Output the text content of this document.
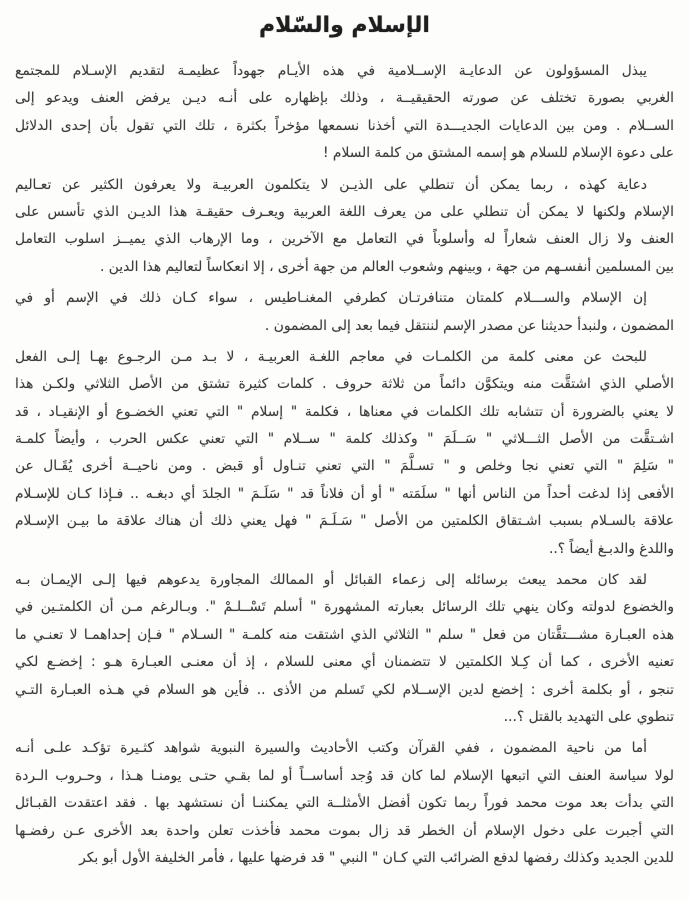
الإسلام والسّلام
يبذل المسؤولون عن الدعايـة الإســلامية في هذه الأيـام جهوداً عظيمـة لتقديم الإسـلام للمجتمع
الغربي بصورة تختلف عن صورته الحقيقيــة ، وذلك بإظهاره على أنـه ديـن يرفض العنف ويدعو إلى
الســلام . ومن بين الدعايات الجديـــدة التي أخذنا نسمعها مؤخراً بكثرة ، تلك التي تقول بأن إحدى الدلائل
على دعوة الإسلام للسلام هو إسمه المشتق من كلمة السلام !
دعاية كهذه ، ربما يمكن أن تنطلي على الذيـن لا يتكلمون العربيـة ولا يعرفون الكثير عن تعـاليم
الإسلام ولكنها لا يمكن أن تنطلي على من يعرف اللغة العربية ويعـرف حقيقـة هذا الديـن الذي تأسس على
العنف ولا زال العنف شعاراً له وأسلوباً في التعامل مع الآخرين ، وما الإرهاب الذي يميــز اسلوب التعامل
بين المسلمين أنفسـهم من جهة ، وبينهم وشعوب العالم من جهة أخرى ، إلا انعكاساً لتعاليم هذا الدين .
إن الإسلام والســـلام كلمتان متنافرتـان كطرفي المغنـاطيس ، سواء كـان ذلك في الإسم أو في
المضمون ، ولنبدأ حديثنا عن مصدر الإسم لننتقل فيما بعد إلى المضمون .
للبحث عن معنى كلمة من الكلمـات في معاجم اللغـة العربيـة ، لا بـد مـن الرجـوع بهـا إلـى الفعل
الأصلي الذي اشتقَّت منه ويتكوَّن دائماً من ثلاثة حروف . كلمات كثيرة تشتق من الأصل الثلاثي ولكـن هذا
لا يعني بالضرورة أن تتشابه تلك الكلمات في معناها ، فكلمة " إسلام " التي تعني الخضـوع أو الإنقيـاد ، قد
اشـتقَّت من الأصل الثـــلاثي " سَــلَمَ " وكذلك كلمة " ســلام " التي تعني عكس الحرب ، وأيضاً كلمـة
" سَلِمَ " التي تعني نجا وخلص و " تسـلَّمَ " التي تعني تنـاول أو قبض . ومن ناحيــة أخرى يُقَـال عن
الأفعى إذا لدغت أحداً من الناس أنها " سلَمَته " أو أن فلاناً قد " سَلَـمَ " الجلدَ أي دبغـه .. فـإذا كـان للإسـلام
علاقة بالسـلام بسبب اشـتقاق الكلمتين من الأصل " سَـلَـمَ " فهل يعني ذلك أن هناك علاقة ما بيـن الإسـلام
واللدغ والدبـغ أيضاً ؟..
لقد كان محمد يبعث برسائله إلى زعماء القبائل أو الممالك المجاورة يدعوهم فيها إلـى الإيمـان بـه
والخضوع لدولته وكان ينهي تلك الرسائل بعبارته المشهورة " أسلم تَسْــلـمْ ". وبـالرغم مـن أن الكلمتـين في
هذه العبـارة مشـــتقَّتان من فعل " سلم " الثلاثي الذي اشتقت منه كلمـة " السـلام " فـإن إحداهمـا لا تعنـي ما
تعنيه الأخرى ، كما أن كِـلا الكلمتين لا تتضمنان أي معنى للسلام ، إذ أن معنـى العبـارة هـو : إخضـع لكي
تنجو ، أو بكلمة أخرى : إخضع لدين الإســلام لكي تَسلم من الأذى .. فأين هو السلام في هـذه العبـارة التـي
تنطوي على التهديد بالقتل ؟...
أما من ناحية المضمون ، ففي القرآن وكتب الأحاديث والسيرة النبوية شواهد كثـيرة تؤكـد علـى أنـه
لولا سياسة العنف التي اتبعها الإسلام لما كان قد وُجد أساســاً أو لما بقـي حتـى يومنـا هـذا ، وحـروب الـردة
التي بدأت بعد موت محمد فوراً ربما تكون أفضل الأمثلــة التي يمكننـا أن نستشهد بها . فقد اعتقدت القبـائل
التي أجبرت على دخول الإسلام أن الخطر قد زال بموت محمد فأخذت تعلن واحدة بعد الأخرى عـن رفضـها
للدين الجديد وكذلك رفضها لدفع الضرائب التي كـان " النبي " قد فرضها عليها ، فأمر الخليفة الأول أبو بكر
